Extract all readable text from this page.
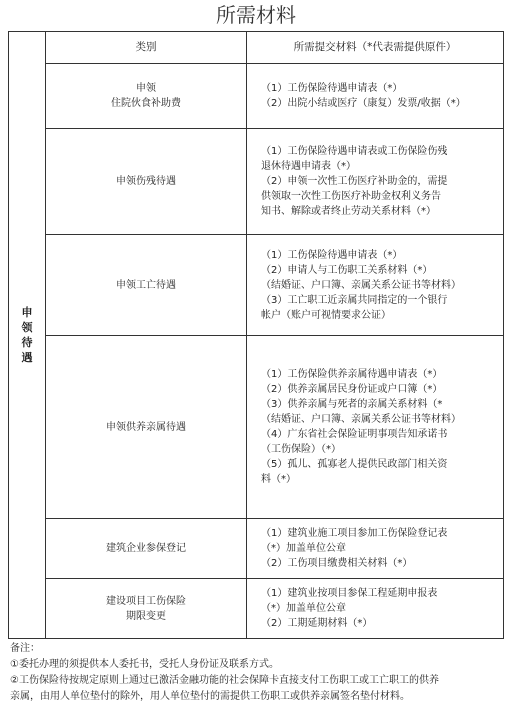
所需材料
申领待遇
类别	所需提交材料（*代表需提供原件）
申领
住院伙食补助费
（1）工伤保险待遇申请表（*）
（2）出院小结或医疗（康复）发票/收据（*）
申领伤残待遇
（1）工伤保险待遇申请表或工伤保险伤残
退休待遇申请表（*）
（2）申领一次性工伤医疗补助金的，需提
供领取一次性工伤医疗补助金权利义务告
知书、解除或者终止劳动关系材料（*）
申领工亡待遇
（1）工伤保险待遇申请表（*）
（2）申请人与工伤职工关系材料（*）
（结婚证、户口簿、亲属关系公证书等材料）
（3）工亡职工近亲属共同指定的一个银行
帐户（账户可视情要求公证）
申领供养亲属待遇
（1）工伤保险供养亲属待遇申请表（*）
（2）供养亲属居民身份证或户口簿（*）
（3）供养亲属与死者的亲属关系材料（*
（结婚证、户口簿、亲属关系公证书等材料）
（4）广东省社会保险证明事项告知承诺书
（工伤保险）（*）
（5）孤儿、孤寡老人提供民政部门相关资
料（*）
建筑企业参保登记
（1）建筑业施工项目参加工伤保险登记表
（*）加盖单位公章
（2）工伤项目缴费相关材料（*）
建设项目工伤保险
期限变更
（1）建筑业按项目参保工程延期申报表
（*）加盖单位公章
（2）工期延期材料（*）
备注：
①委托办理的须提供本人委托书，受托人身份证及联系方式。
②工伤保险待按规定原则上通过已激活金融功能的社会保障卡直接支付工伤职工或工亡职工的供养
亲属，由用人单位垫付的除外，用人单位垫付的需提供工伤职工或供养亲属签名垫付材料。
